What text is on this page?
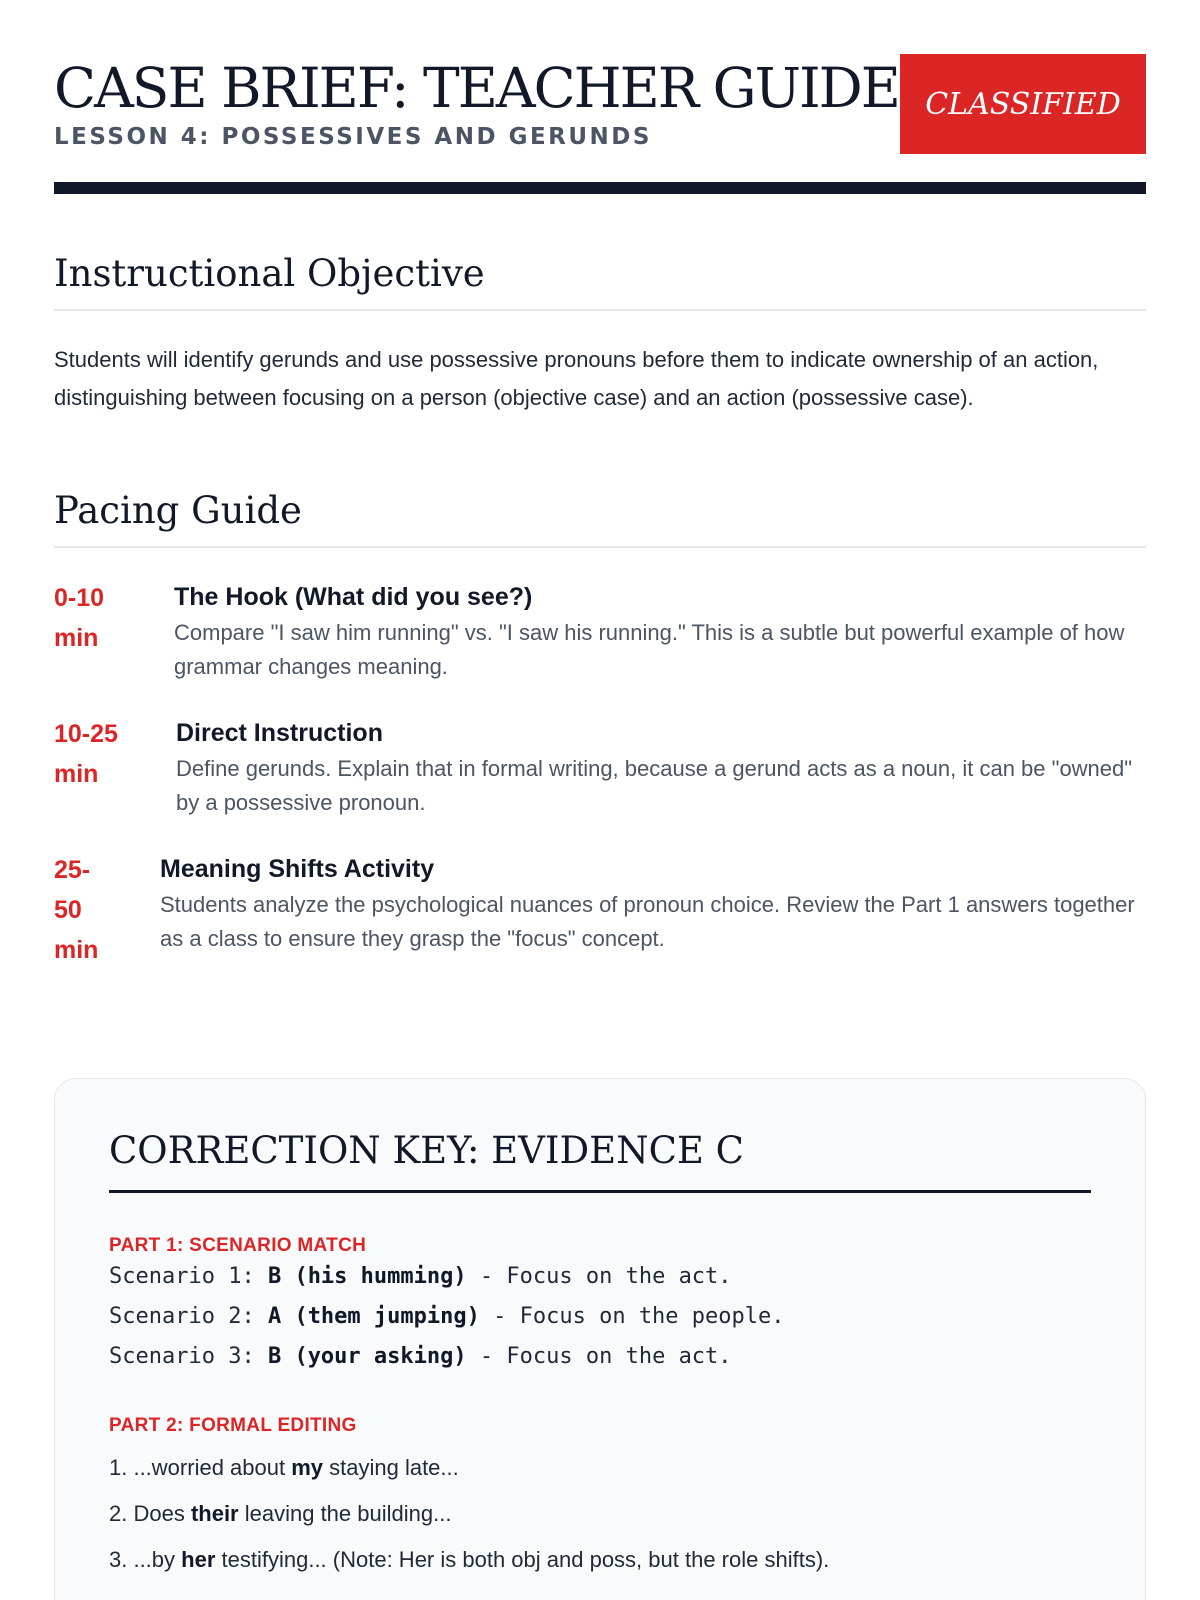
CASE BRIEF: TEACHER GUIDE
LESSON 4: POSSESSIVES AND GERUNDS
CLASSIFIED
Instructional Objective

Students will identify gerunds and use possessive pronouns before them to indicate ownership of an action, distinguishing between focusing on a person (objective case) and an action (possessive case).

Pacing Guide
0-10
min
The Hook (What did you see?)
Compare "I saw him running" vs. "I saw his running." This is a subtle but powerful example of how grammar changes meaning.
10-25
min
Direct Instruction
Define gerunds. Explain that in formal writing, because a gerund acts as a noun, it can be "owned" by a possessive pronoun.
25-
50
min
Meaning Shifts Activity
Students analyze the psychological nuances of pronoun choice. Review the Part 1 answers together as a class to ensure they grasp the "focus" concept.
CORRECTION KEY: EVIDENCE C
PART 1: SCENARIO MATCH
Scenario 1: B (his humming) - Focus on the act.
Scenario 2: A (them jumping) - Focus on the people.
Scenario 3: B (your asking) - Focus on the act.
PART 2: FORMAL EDITING
1. ...worried about my staying late...
2. Does their leaving the building...
3. ...by her testifying... (Note: Her is both obj and poss, but the role shifts).
